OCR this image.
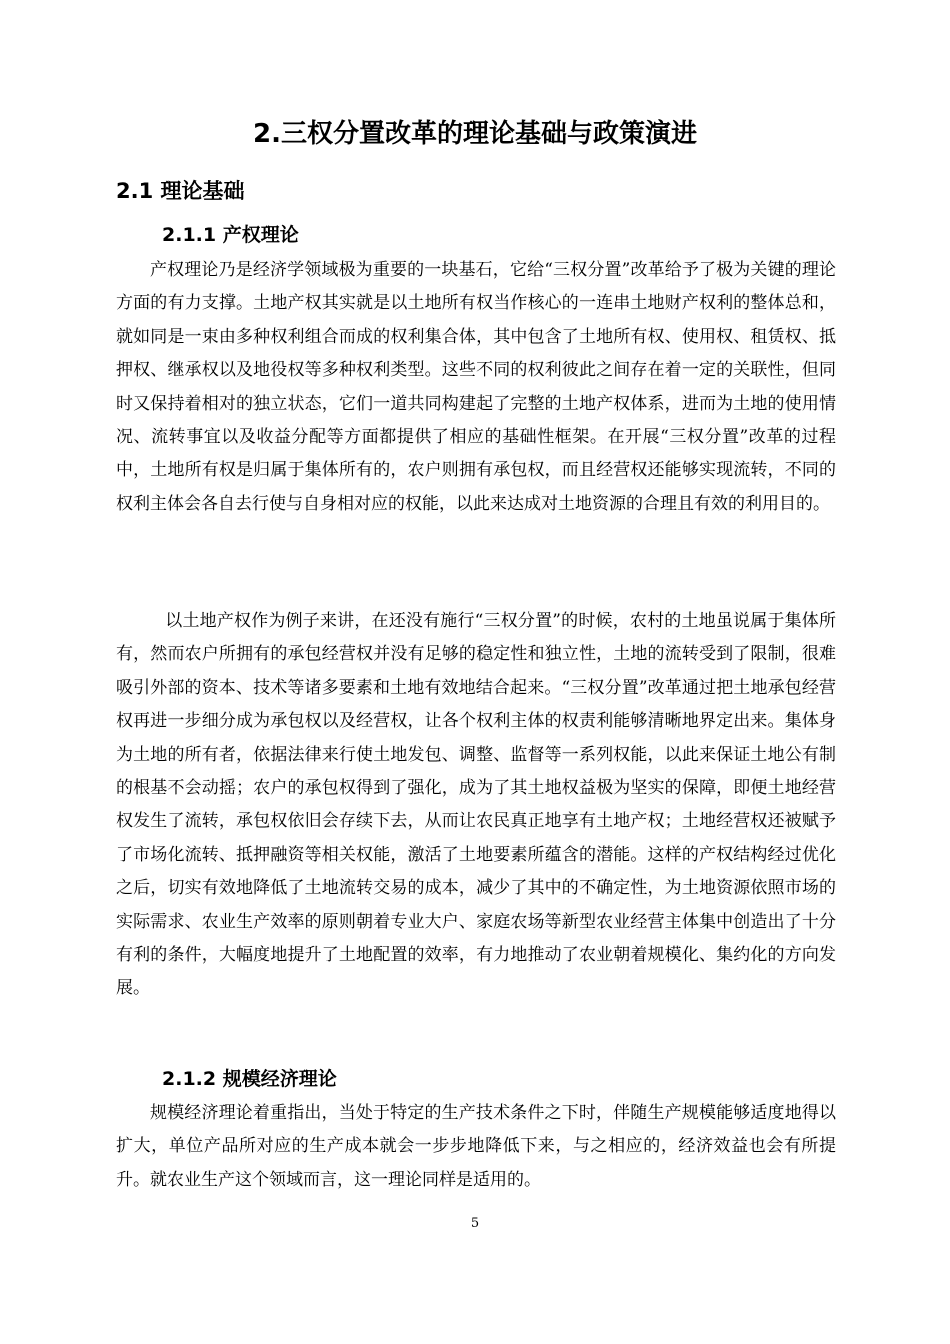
2.三权分置改革的理论基础与政策演进
2.1 理论基础
2.1.1 产权理论

产权理论乃是经济学领域极为重要的一块基石，它给“三权分置”改革给予了极为关键的理论方面的有力支撑。土地产权其实就是以土地所有权当作核心的一连串土地财产权利的整体总和，就如同是一束由多种权利组合而成的权利集合体，其中包含了土地所有权、使用权、租赁权、抵押权、继承权以及地役权等多种权利类型。这些不同的权利彼此之间存在着一定的关联性，但同时又保持着相对的独立状态，它们一道共同构建起了完整的土地产权体系，进而为土地的使用情况、流转事宜以及收益分配等方面都提供了相应的基础性框架。在开展“三权分置”改革的过程中，土地所有权是归属于集体所有的，农户则拥有承包权，而且经营权还能够实现流转，不同的权利主体会各自去行使与自身相对应的权能，以此来达成对土地资源的合理且有效的利用目的。

以土地产权作为例子来讲，在还没有施行“三权分置”的时候，农村的土地虽说属于集体所有，然而农户所拥有的承包经营权并没有足够的稳定性和独立性，土地的流转受到了限制，很难吸引外部的资本、技术等诸多要素和土地有效地结合起来。“三权分置”改革通过把土地承包经营权再进一步细分成为承包权以及经营权，让各个权利主体的权责利能够清晰地界定出来。集体身为土地的所有者，依据法律来行使土地发包、调整、监督等一系列权能，以此来保证土地公有制的根基不会动摇；农户的承包权得到了强化，成为了其土地权益极为坚实的保障，即便土地经营权发生了流转，承包权依旧会存续下去，从而让农民真正地享有土地产权；土地经营权还被赋予了市场化流转、抵押融资等相关权能，激活了土地要素所蕴含的潜能。这样的产权结构经过优化之后，切实有效地降低了土地流转交易的成本，减少了其中的不确定性，为土地资源依照市场的实际需求、农业生产效率的原则朝着专业大户、家庭农场等新型农业经营主体集中创造出了十分有利的条件，大幅度地提升了土地配置的效率，有力地推动了农业朝着规模化、集约化的方向发展。

2.1.2 规模经济理论

规模经济理论着重指出，当处于特定的生产技术条件之下时，伴随生产规模能够适度地得以扩大，单位产品所对应的生产成本就会一步步地降低下来，与之相应的，经济效益也会有所提升。就农业生产这个领域而言，这一理论同样是适用的。

5
